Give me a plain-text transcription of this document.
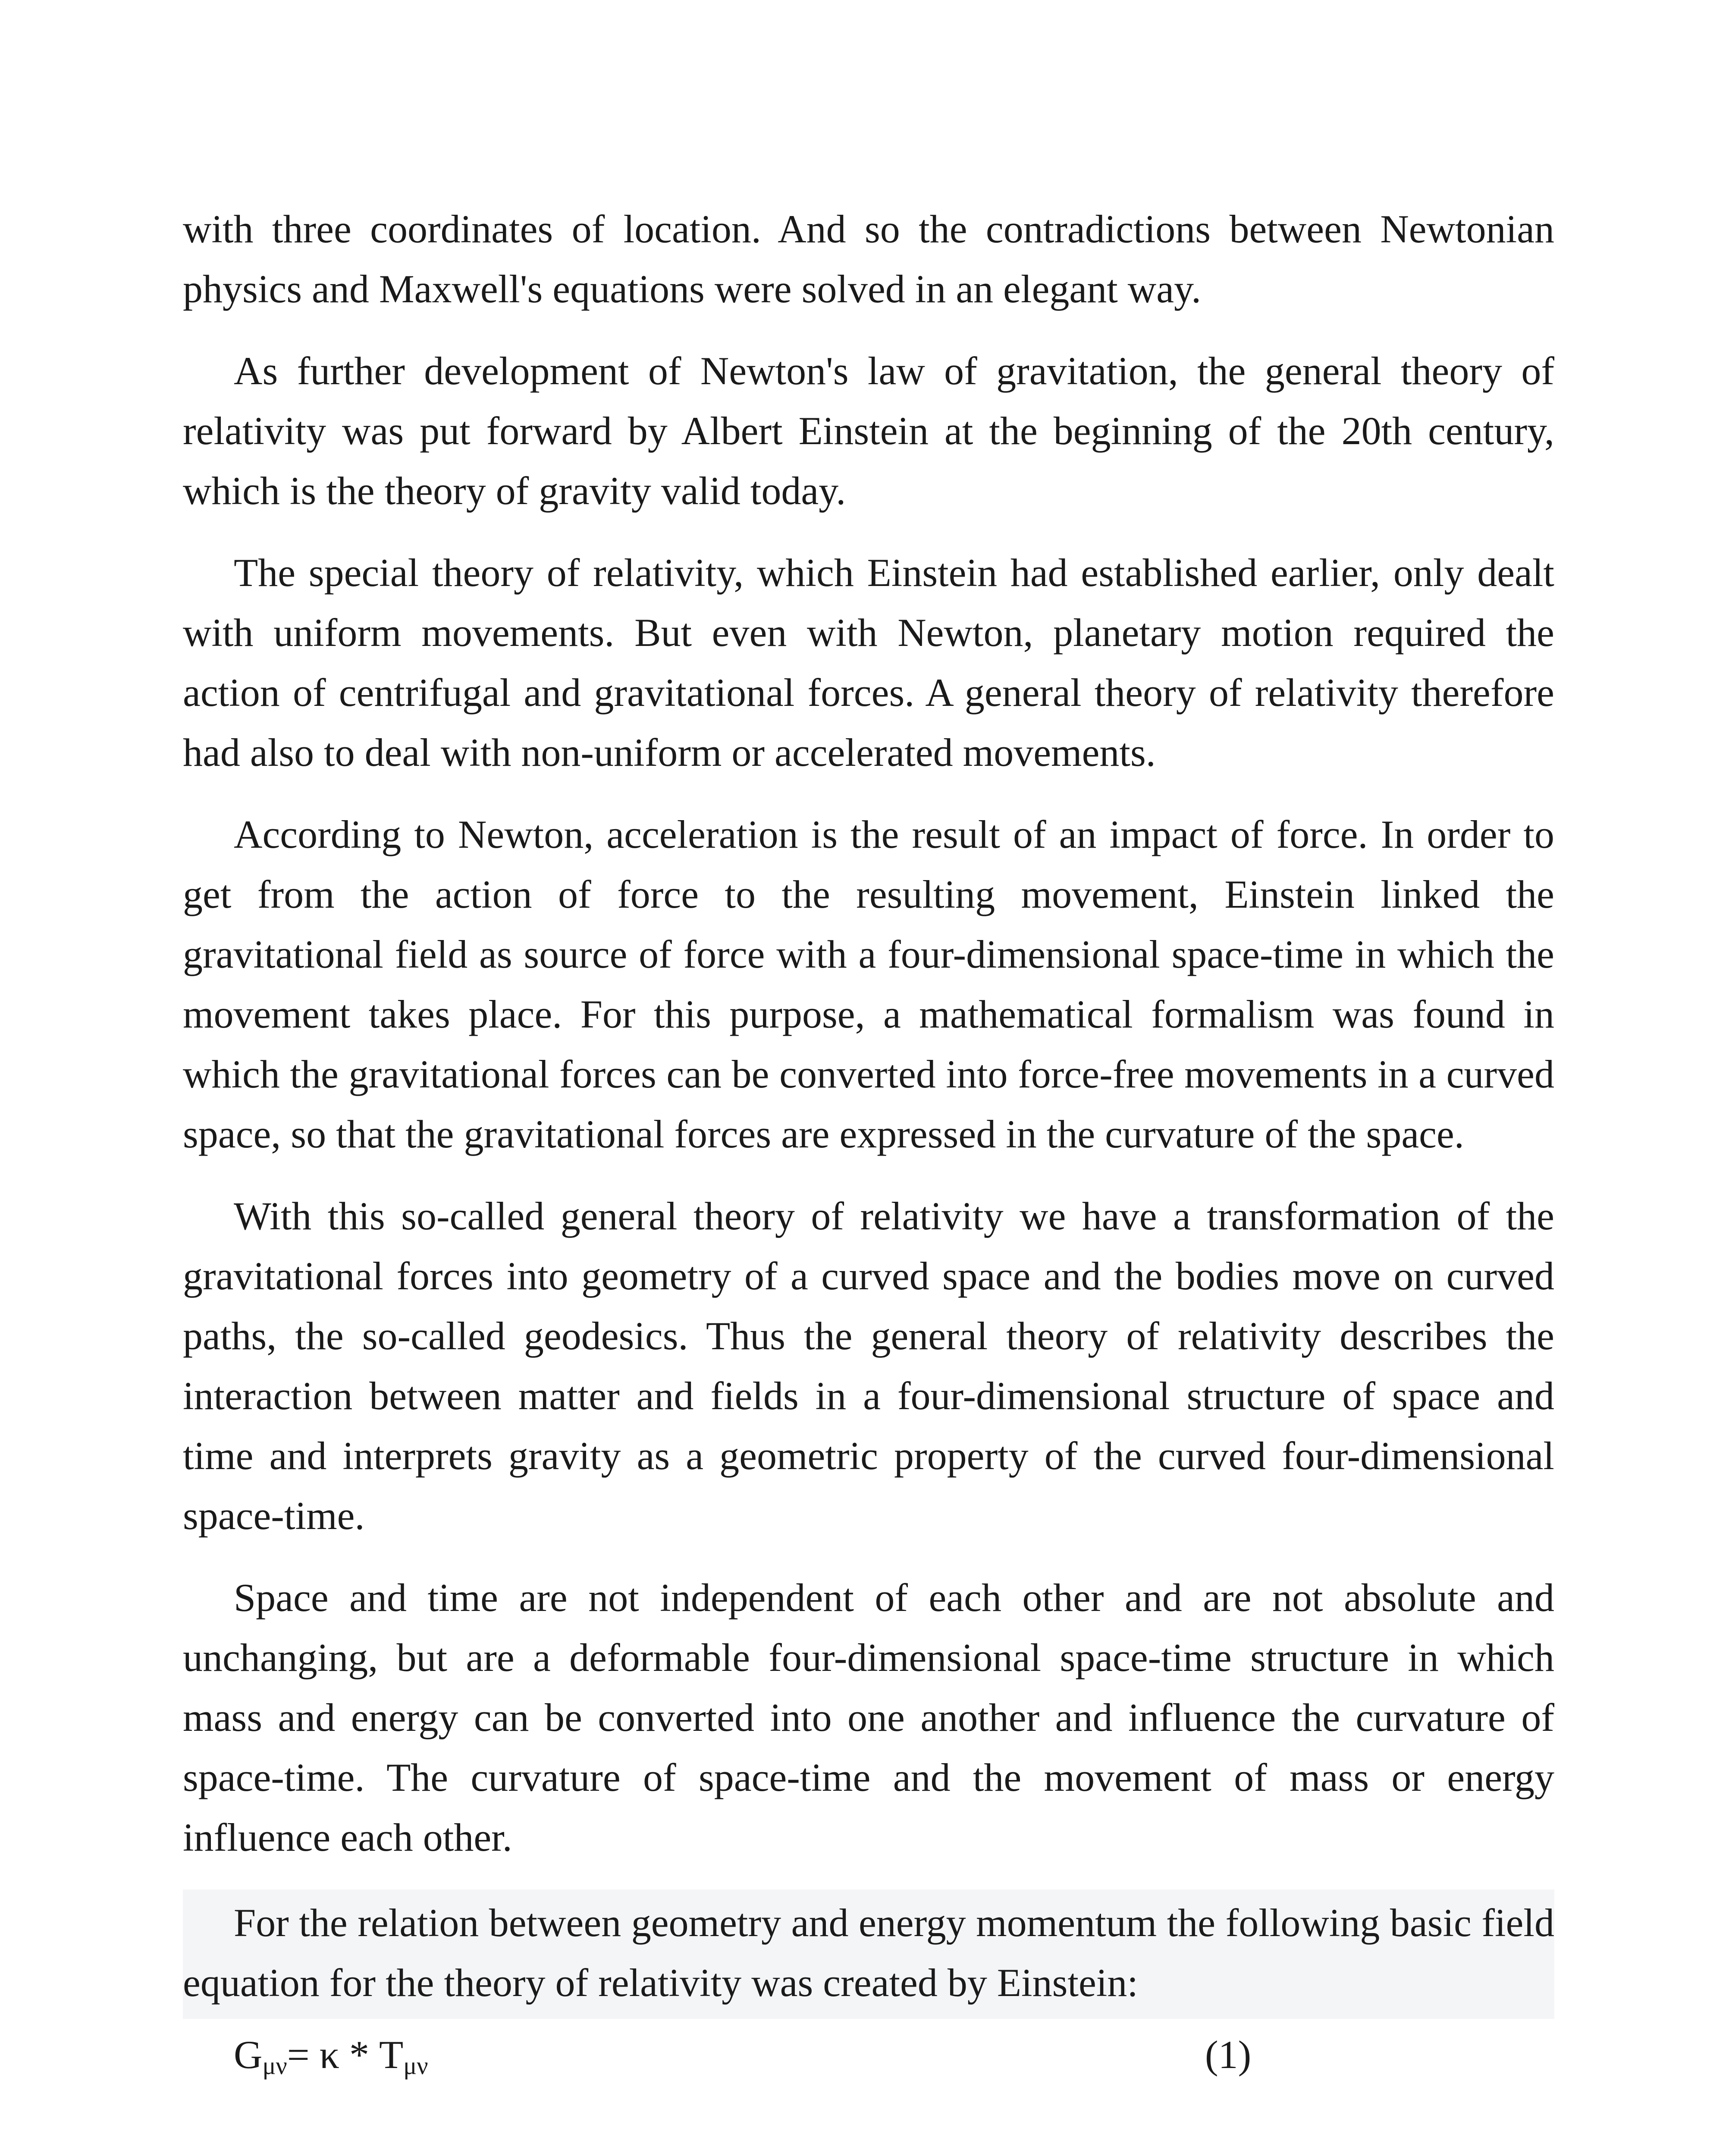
with three coordinates of location. And so the contradictions between Newtonian physics and Maxwell's equations were solved in an elegant way.

As further development of Newton's law of gravitation, the general theory of relativity was put forward by Albert Einstein at the beginning of the 20th century, which is the theory of gravity valid today.

The special theory of relativity, which Einstein had established earlier, only dealt with uniform movements. But even with Newton, planetary motion required the action of centrifugal and gravitational forces. A general theory of relativity therefore had also to deal with non-uniform or accelerated movements.

According to Newton, acceleration is the result of an impact of force. In order to get from the action of force to the resulting movement, Einstein linked the gravitational field as source of force with a four-dimensional space-time in which the movement takes place. For this purpose, a mathematical formalism was found in which the gravitational forces can be converted into force-free movements in a curved space, so that the gravitational forces are expressed in the curvature of the space.

With this so-called general theory of relativity we have a transformation of the gravitational forces into geometry of a curved space and the bodies move on curved paths, the so-called geodesics. Thus the general theory of relativity describes the interaction between matter and fields in a four-dimensional structure of space and time and interprets gravity as a geometric property of the curved four-dimensional space-time.

Space and time are not independent of each other and are not absolute and unchanging, but are a deformable four-dimensional space-time structure in which mass and energy can be converted into one another and influence the curvature of space-time. The curvature of space-time and the movement of mass or energy influence each other.

For the relation between geometry and energy momentum the following basic field equation for the theory of relativity was created by Einstein:

$G_{\mu\nu}= \kappa * T_{\mu\nu}$	(1)
